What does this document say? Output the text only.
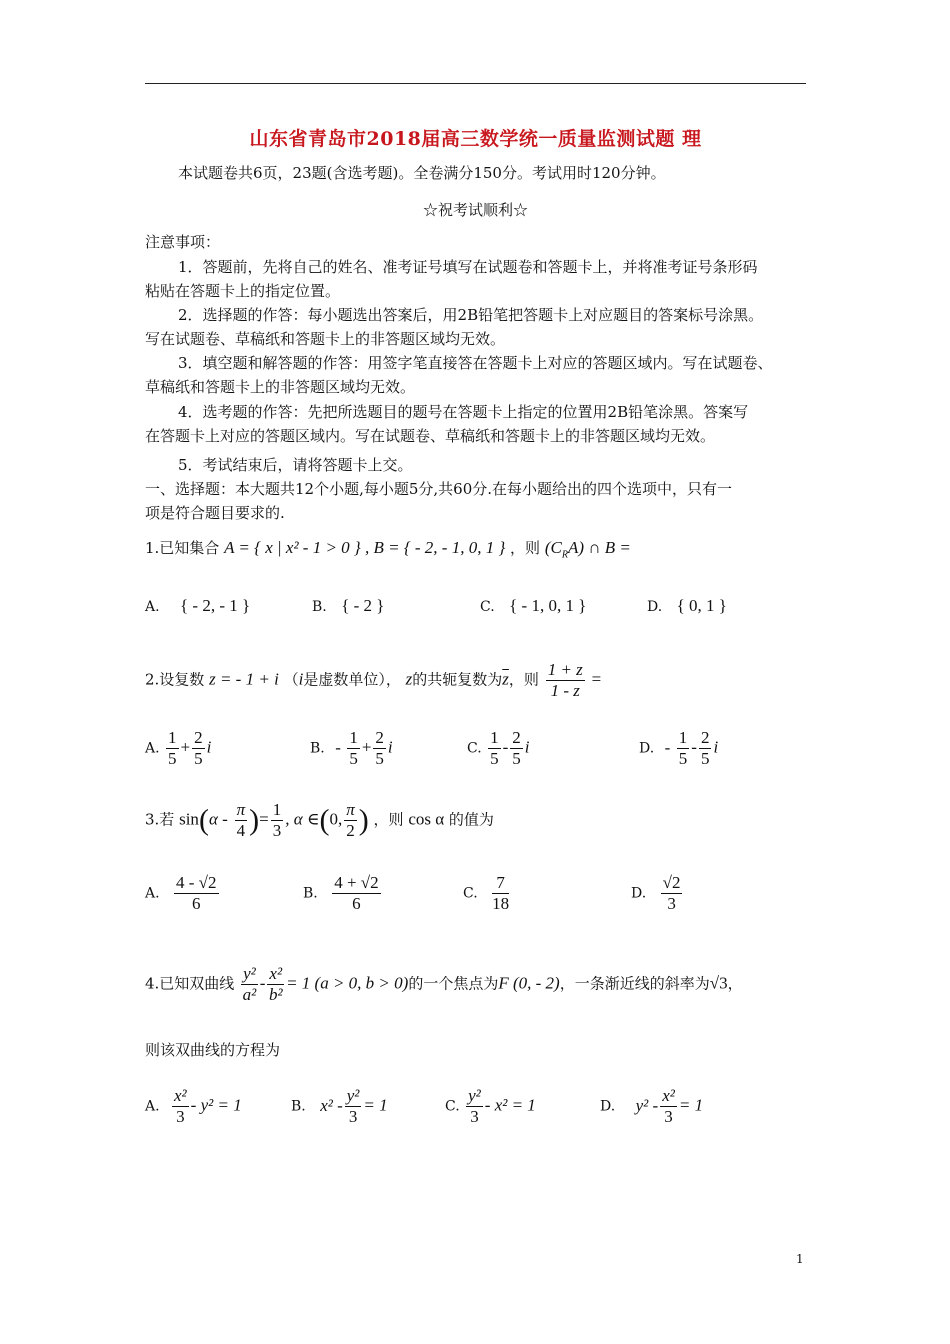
山东省青岛市2018届高三数学统一质量监测试题 理
本试题卷共6页，23题(含选考题)。全卷满分150分。考试用时120分钟。
☆祝考试顺利☆
注意事项：
1．答题前，先将自己的姓名、准考证号填写在试题卷和答题卡上，并将准考证号条形码
粘贴在答题卡上的指定位置。
2．选择题的作答：每小题选出答案后，用2B铅笔把答题卡上对应题目的答案标号涂黑。
写在试题卷、草稿纸和答题卡上的非答题区域均无效。
3．填空题和解答题的作答：用签字笔直接答在答题卡上对应的答题区域内。写在试题卷、
草稿纸和答题卡上的非答题区域均无效。
4．选考题的作答：先把所选题目的题号在答题卡上指定的位置用2B铅笔涂黑。答案写
在答题卡上对应的答题区域内。写在试题卷、草稿纸和答题卡上的非答题区域均无效。
5．考试结束后，请将答题卡上交。
一、选择题：本大题共12个小题,每小题5分,共60分.在每小题给出的四个选项中，只有一
项是符合题目要求的.
1.已知集合 A = { x | x² - 1 > 0 } , B = { - 2, - 1, 0, 1 } ，则 $(C_RA)$ ∩ B =
A. { - 2, - 1 }	B. { - 2 }	C. { - 1, 0, 1 }	D. { 0, 1 }
2.设复数 z = - 1 + i （i是虚数单位）， z的共轭复数为$\overline{z}$，则 $\frac{1 + z}{1 - z}$ =
A. $\frac{1}{5} + \frac{2}{5}$ i	B. - $\frac{1}{5} + \frac{2}{5}$ i	C. $\frac{1}{5} - \frac{2}{5}$ i	D. - $\frac{1}{5} - \frac{2}{5}$ i
3.若 $\sin(\alpha - \frac{\pi}{4}$ )= $\frac{1}{3}$ , α ∈(0, $\frac{\pi}{2}$ ) ，则 cos α 的值为
A. $\frac{4 - √2}{6}$	B. $\frac{4 + √2}{6}$	C. $\frac{7}{18}$	D. $\frac{√2}{3}$
4.已知双曲线 $\frac{\text{y²}}{\text{a²}} - \frac{\text{x²}}{\text{b²}} = 1$ (a > 0, b > 0)的一个焦点为F (0, - 2)，一条渐近线的斜率为√3，
则该双曲线的方程为
A. $\frac{\text{x²}}{3} - y^2 = 1$	B. $x^2 - \frac{\text{y²}}{3} = 1$	C. $\frac{\text{y²}}{3} - x^2 = 1$	D. $y^2 - \frac{\text{x²}}{3} = 1$
1
